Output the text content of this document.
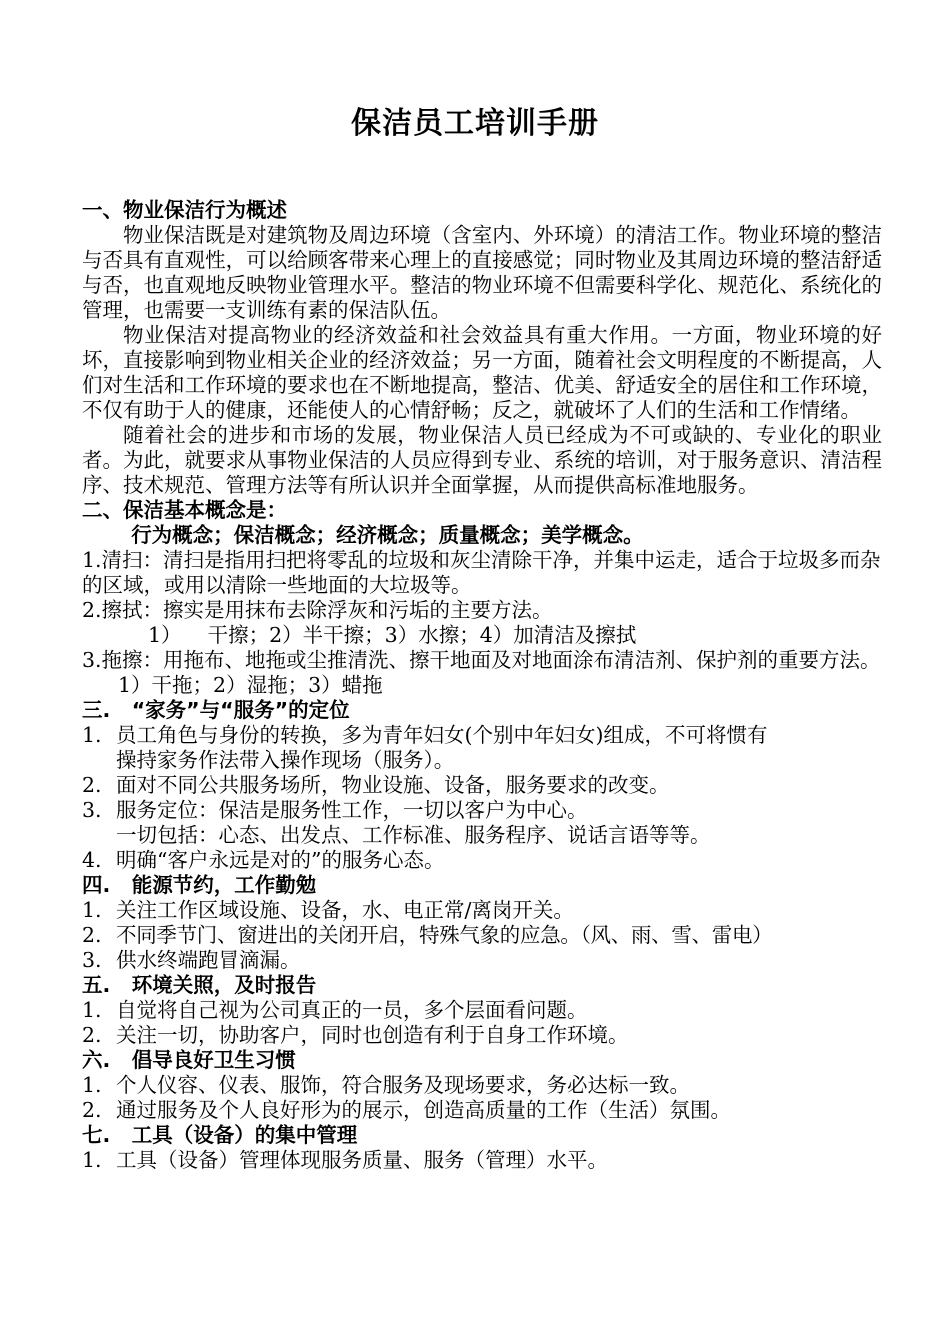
保洁员工培训手册
一、物业保洁行为概述
物业保洁既是对建筑物及周边环境（含室内、外环境）的清洁工作。物业环境的整洁与否具有直观性，可以给顾客带来心理上的直接感觉；同时物业及其周边环境的整洁舒适与否，也直观地反映物业管理水平。整洁的物业环境不但需要科学化、规范化、系统化的管理，也需要一支训练有素的保洁队伍。
物业保洁对提高物业的经济效益和社会效益具有重大作用。一方面，物业环境的好坏，直接影响到物业相关企业的经济效益；另一方面，随着社会文明程度的不断提高，人们对生活和工作环境的要求也在不断地提高，整洁、优美、舒适安全的居住和工作环境，不仅有助于人的健康，还能使人的心情舒畅；反之，就破坏了人们的生活和工作情绪。
随着社会的进步和市场的发展，物业保洁人员已经成为不可或缺的、专业化的职业者。为此，就要求从事物业保洁的人员应得到专业、系统的培训，对于服务意识、清洁程序、技术规范、管理方法等有所认识并全面掌握，从而提供高标准地服务。
二、保洁基本概念是：
行为概念；保洁概念；经济概念；质量概念；美学概念。
1.清扫：清扫是指用扫把将零乱的垃圾和灰尘清除干净，并集中运走，适合于垃圾多而杂的区域，或用以清除一些地面的大垃圾等。
2.擦拭：擦实是用抹布去除浮灰和污垢的主要方法。
1）    干擦；2）半干擦；3）水擦；4）加清洁及擦拭
3.拖擦：用拖布、地拖或尘推清洗、擦干地面及对地面涂布清洁剂、保护剂的重要方法。
1）干拖；2）湿拖；3）蜡拖
三.   “家务”与“服务”的定位
1. 员工角色与身份的转换，多为青年妇女(个别中年妇女)组成，不可将惯有
操持家务作法带入操作现场（服务）。
2. 面对不同公共服务场所，物业设施、设备，服务要求的改变。
3. 服务定位：保洁是服务性工作，一切以客户为中心。
一切包括：心态、出发点、工作标准、服务程序、说话言语等等。
4. 明确“客户永远是对的”的服务心态。
四.   能源节约，工作勤勉
1. 关注工作区域设施、设备，水、电正常/离岗开关。
2. 不同季节门、窗进出的关闭开启，特殊气象的应急。（风、雨、雪、雷电）
3. 供水终端跑冒滴漏。
五.   环境关照，及时报告
1. 自觉将自己视为公司真正的一员，多个层面看问题。
2. 关注一切，协助客户，同时也创造有利于自身工作环境。
六.   倡导良好卫生习惯
1. 个人仪容、仪表、服饰，符合服务及现场要求，务必达标一致。
2. 通过服务及个人良好形为的展示，创造高质量的工作（生活）氛围。
七.   工具（设备）的集中管理
1. 工具（设备）管理体现服务质量、服务（管理）水平。
